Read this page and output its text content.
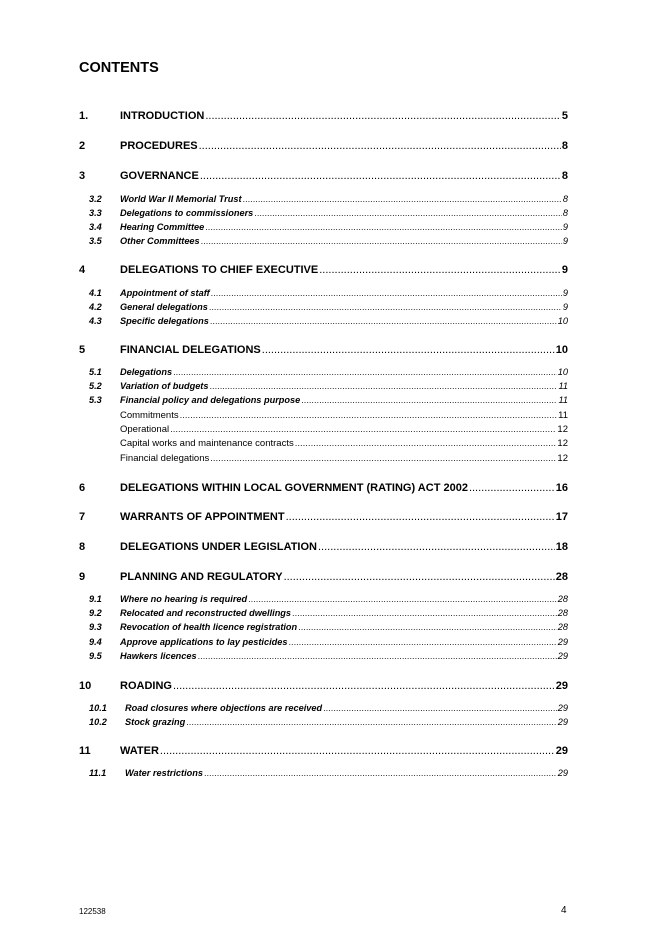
CONTENTS
1.	INTRODUCTION .....	5
2	PROCEDURES .....	8
3	GOVERNANCE .....	8
3.2 World War II Memorial Trust .....	8
3.3 Delegations to commissioners .....	8
3.4 Hearing Committee .....	9
3.5 Other Committees .....	9
4	DELEGATIONS TO CHIEF EXECUTIVE .....	9
4.1 Appointment of staff .....	9
4.2 General delegations .....	9
4.3 Specific delegations .....	10
5	FINANCIAL DELEGATIONS .....	10
5.1 Delegations .....	10
5.2 Variation of budgets .....	11
5.3 Financial policy and delegations purpose .....	11
Commitments .....	11
Operational .....	12
Capital works and maintenance contracts .....	12
Financial delegations .....	12
6	DELEGATIONS WITHIN LOCAL GOVERNMENT (RATING) ACT 2002 .....	16
7	WARRANTS OF APPOINTMENT .....	17
8	DELEGATIONS UNDER LEGISLATION .....	18
9	PLANNING AND REGULATORY .....	28
9.1 Where no hearing is required .....	28
9.2 Relocated and reconstructed dwellings .....	28
9.3 Revocation of health licence registration .....	28
9.4 Approve applications to lay pesticides .....	29
9.5 Hawkers licences .....	29
10	ROADING .....	29
10.1 Road closures where objections are received .....	29
10.2 Stock grazing .....	29
11	WATER .....	29
11.1 Water restrictions .....	29
122538	4
